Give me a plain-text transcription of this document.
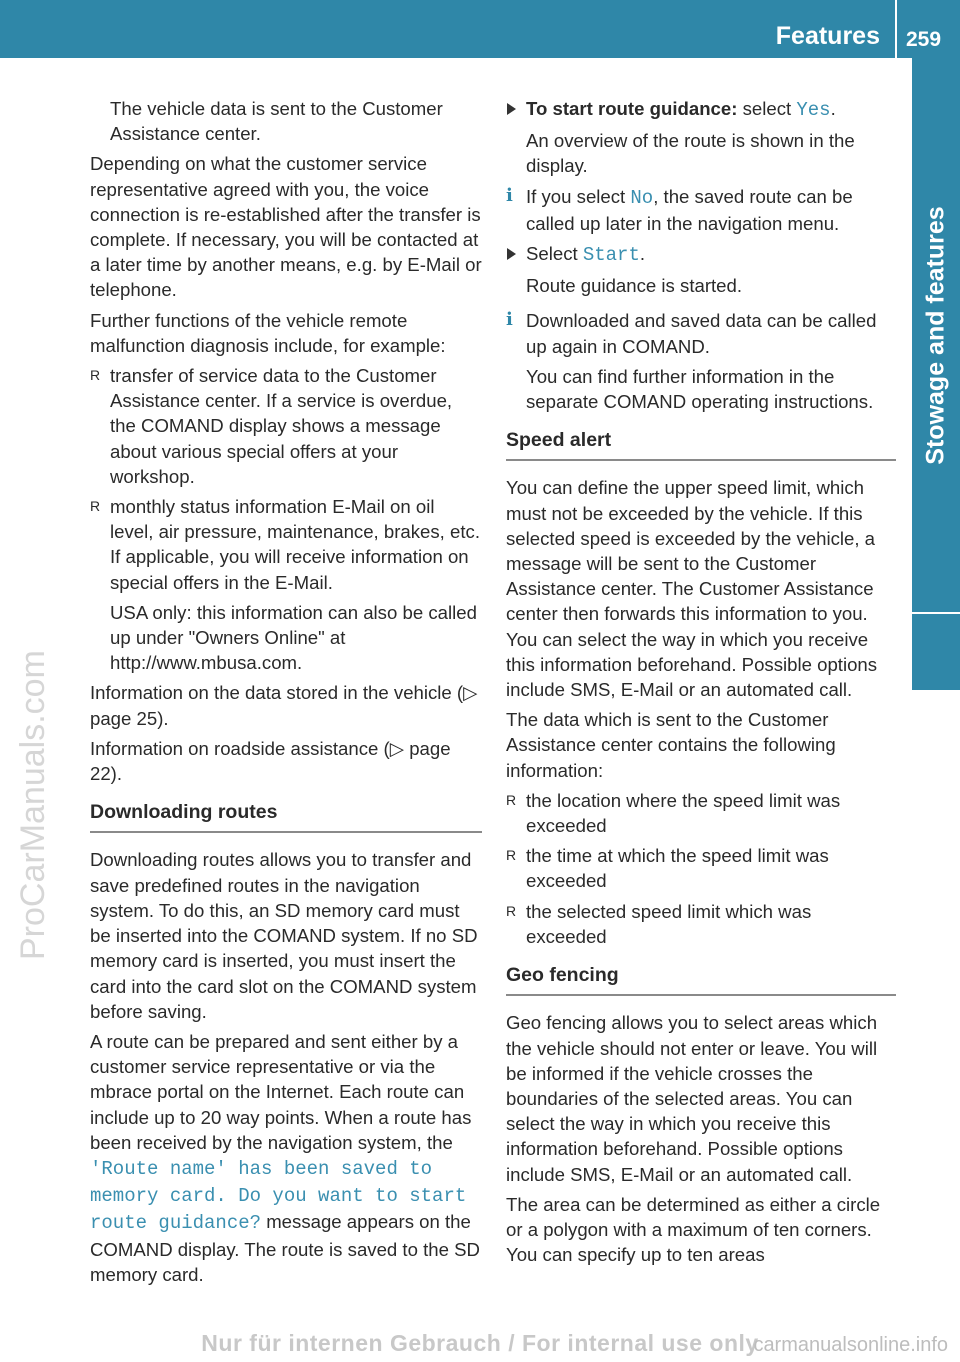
Features 259
Stowage and features
ProCarManuals.com

The vehicle data is sent to the Customer Assistance center.

Depending on what the customer service representative agreed with you, the voice connection is re-established after the transfer is complete. If necessary, you will be contacted at a later time by another means, e.g. by E-Mail or telephone.

Further functions of the vehicle remote malfunction diagnosis include, for example:

R transfer of service data to the Customer Assistance center. If a service is overdue, the COMAND display shows a message about various special offers at your workshop.
R monthly status information E-Mail on oil level, air pressure, maintenance, brakes, etc. If applicable, you will receive information on special offers in the E-Mail.

USA only: this information can also be called up under "Owners Online" at http://www.mbusa.com.

Information on the data stored in the vehicle (▷ page 25).

Information on roadside assistance (▷ page 22).

Downloading routes

Downloading routes allows you to transfer and save predefined routes in the navigation system. To do this, an SD memory card must be inserted into the COMAND system. If no SD memory card is inserted, you must insert the card into the card slot on the COMAND system before saving.

A route can be prepared and sent either by a customer service representative or via the mbrace portal on the Internet. Each route can include up to 20 way points. When a route has been received by the navigation system, the 'Route name' has been saved to memory card. Do you want to start route guidance? message appears on the COMAND display. The route is saved to the SD memory card.

To start route guidance: select Yes.

An overview of the route is shown in the display.

i If you select No, the saved route can be called up later in the navigation menu.
Select Start.

Route guidance is started.

i Downloaded and saved data can be called up again in COMAND.

You can find further information in the separate COMAND operating instructions.

Speed alert

You can define the upper speed limit, which must not be exceeded by the vehicle. If this selected speed is exceeded by the vehicle, a message will be sent to the Customer Assistance center. The Customer Assistance center then forwards this information to you. You can select the way in which you receive this information beforehand. Possible options include SMS, E-Mail or an automated call.

The data which is sent to the Customer Assistance center contains the following information:

R the location where the speed limit was exceeded
R the time at which the speed limit was exceeded
R the selected speed limit which was exceeded
Geo fencing

Geo fencing allows you to select areas which the vehicle should not enter or leave. You will be informed if the vehicle crosses the boundaries of the selected areas. You can select the way in which you receive this information beforehand. Possible options include SMS, E-Mail or an automated call.

The area can be determined as either a circle or a polygon with a maximum of ten corners. You can specify up to ten areas

Nur für internen Gebrauch / For internal use only
carmanualsonline.info
